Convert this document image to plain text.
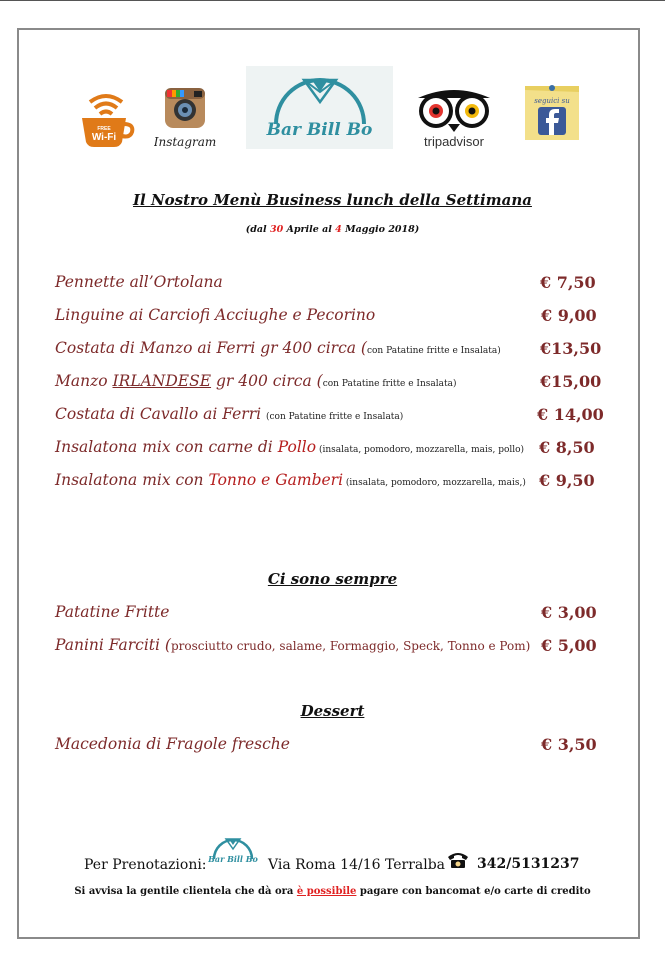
FREE
Wi-Fi	Instagram
Bar Bill Bo
tripadvisor
seguici su
Il Nostro Menù Business lunch della Settimana
(dal 30 Aprile al 4 Maggio 2018)
Pennette all’Ortolana	€ 7,50
Linguine ai Carciofi Acciughe e Pecorino	€ 9,00
Costata di Manzo ai Ferri gr 400 circa (con Patatine fritte e Insalata) €13,50
Manzo IRLANDESE gr 400 circa (con Patatine fritte e Insalata)	€15,00
Costata di Cavallo ai Ferri (con Patatine fritte e Insalata)	€ 14,00
Insalatona mix con carne di Pollo (insalata, pomodoro, mozzarella, mais, pollo) € 8,50
Insalatona mix con Tonno e Gamberi (insalata, pomodoro, mozzarella, mais,) € 9,50
Ci sono sempre
Patatine Fritte	€ 3,00
Panini Farciti (prosciutto crudo, salame, Formaggio, Speck, Tonno e Pom) € 5,00
Dessert
Macedonia di Fragole fresche	€ 3,50
Per Prenotazioni: Bar Bill Bo Via Roma 14/16 Terralba 342/5131237
Si avvisa la gentile clientela che dà ora è possibile pagare con bancomat e/o carte di credito
